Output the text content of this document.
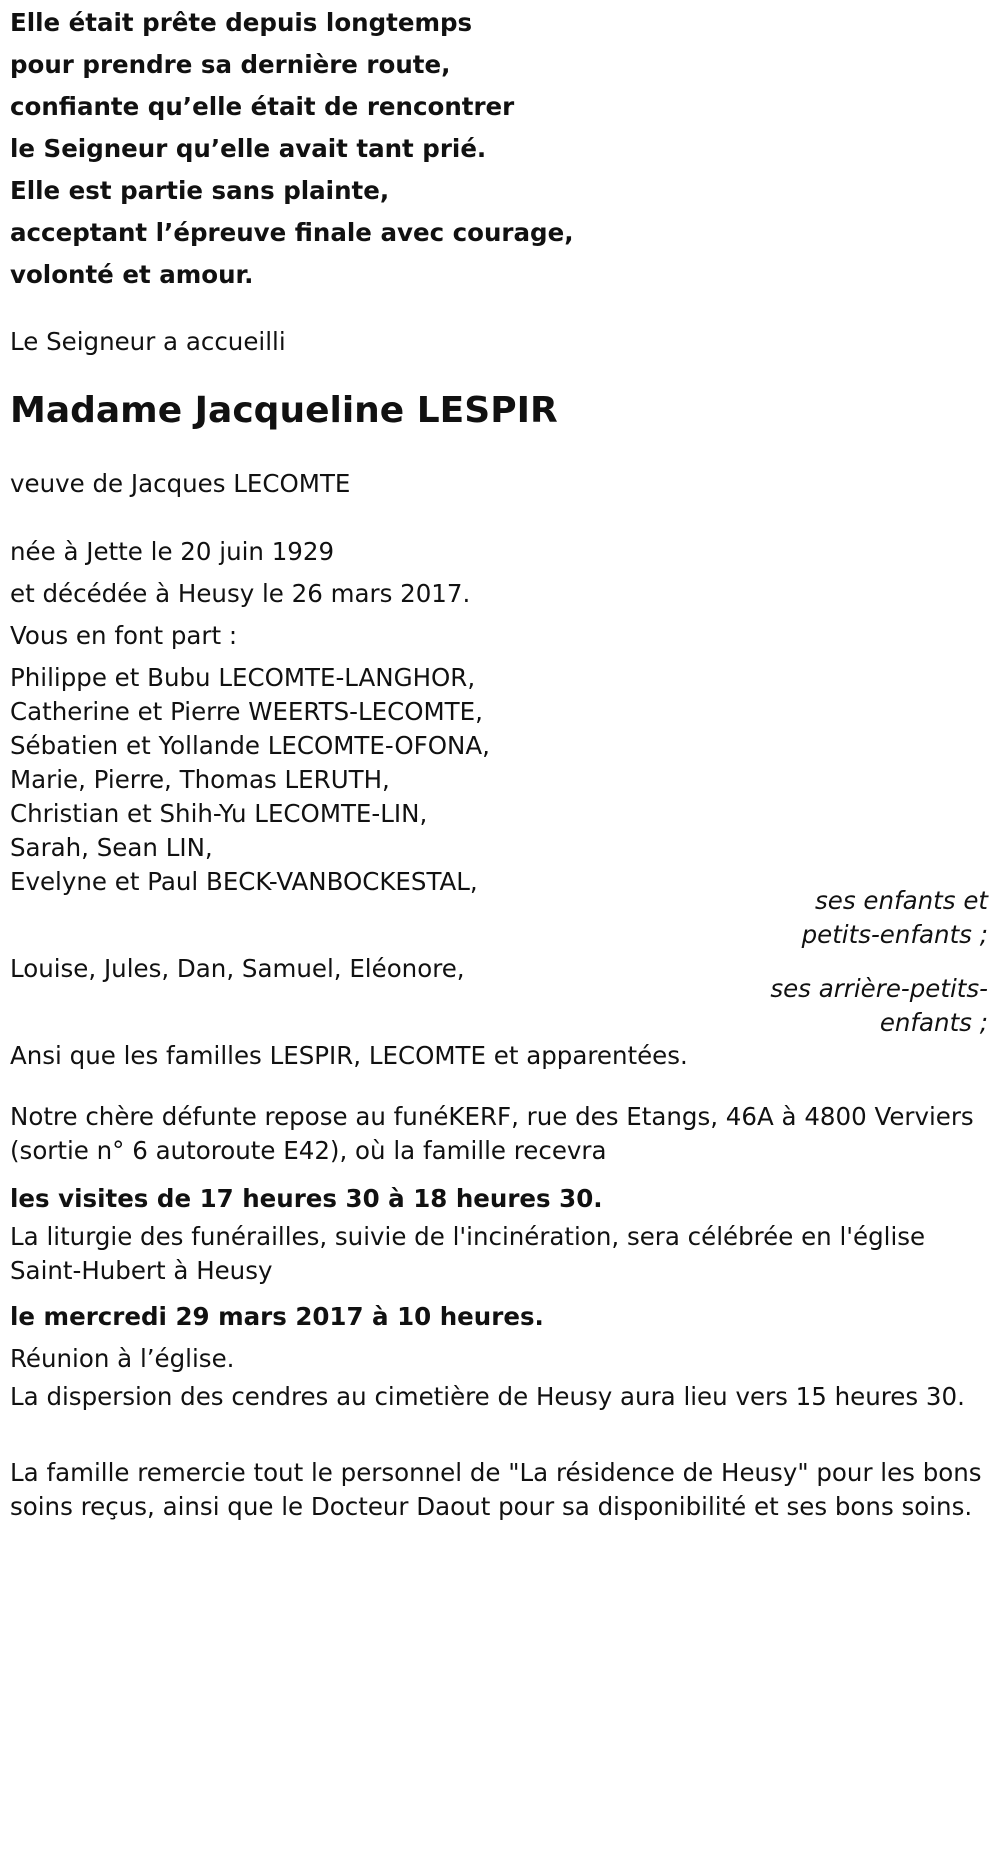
Elle était prête depuis longtemps
pour prendre sa dernière route,
confiante qu’elle était de rencontrer
le Seigneur qu’elle avait tant prié.
Elle est partie sans plainte,
acceptant l’épreuve finale avec courage,
volonté et amour.
Le Seigneur a accueilli
Madame Jacqueline LESPIR
veuve de Jacques LECOMTE
née à Jette le 20 juin 1929
et décédée à Heusy le 26 mars 2017.
Vous en font part :
Philippe et Bubu LECOMTE-LANGHOR,
Catherine et Pierre WEERTS-LECOMTE,
Sébatien et Yollande LECOMTE-OFONA,
Marie, Pierre, Thomas LERUTH,
Christian et Shih-Yu LECOMTE-LIN,
Sarah, Sean LIN,
Evelyne et Paul BECK-VANBOCKESTAL,
ses enfants et
petits-enfants ;
Louise, Jules, Dan, Samuel, Eléonore,
ses arrière-petits-
enfants ;
Ansi que les familles LESPIR, LECOMTE et apparentées.
Notre chère défunte repose au funéKERF, rue des Etangs, 46A à 4800 Verviers (sortie n° 6 autoroute E42), où la famille recevra
les visites de 17 heures 30 à 18 heures 30.
La liturgie des funérailles, suivie de l'incinération, sera célébrée en l'église Saint-Hubert à Heusy
le mercredi 29 mars 2017 à 10 heures.
Réunion à l’église.
La dispersion des cendres au cimetière de Heusy aura lieu vers 15 heures 30.
La famille remercie tout le personnel de "La résidence de Heusy" pour les bons soins reçus, ainsi que le Docteur Daout pour sa disponibilité et ses bons soins.
